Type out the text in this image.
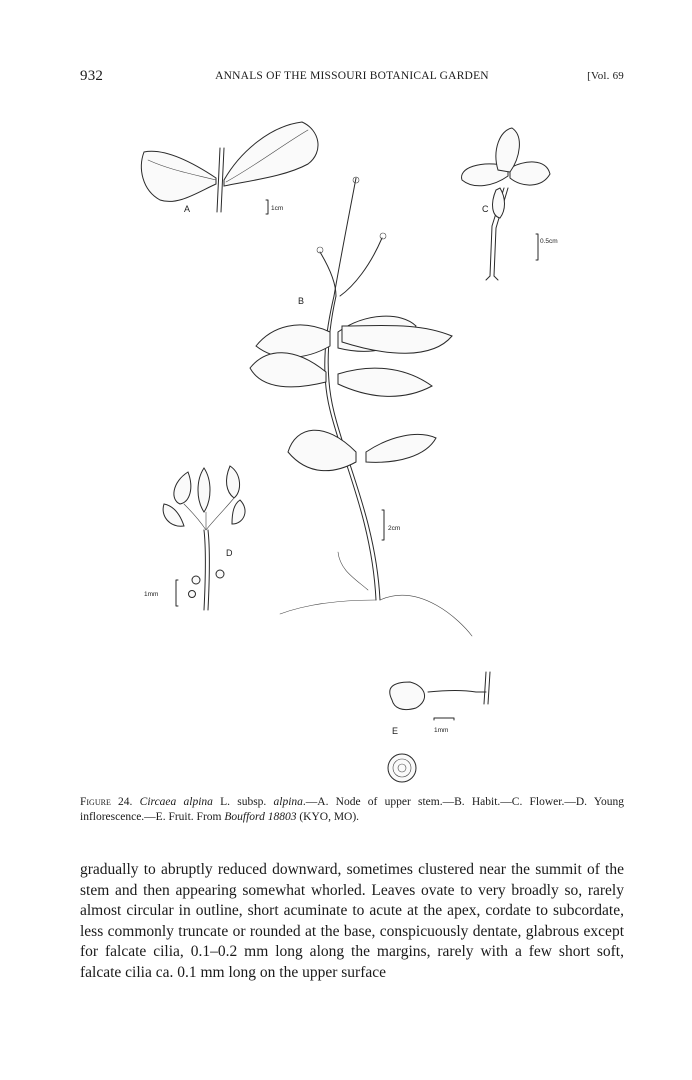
932	ANNALS OF THE MISSOURI BOTANICAL GARDEN	[Vol. 69
A	1cm	C
0.5cm
B
2cm
D
1mm
E	1mm
Figure 24. Circaea alpina L. subsp. alpina.—A. Node of upper stem.—B. Habit.—C. Flower.—D. Young inflorescence.—E. Fruit. From Boufford 18803 (KYO, MO).
gradually to abruptly reduced downward, sometimes clustered near the summit of the stem and then appearing somewhat whorled. Leaves ovate to very broadly so, rarely almost circular in outline, short acuminate to acute at the apex, cordate to subcordate, less commonly truncate or rounded at the base, conspicuously dentate, glabrous except for falcate cilia, 0.1–0.2 mm long along the margins, rarely with a few short soft, falcate cilia ca. 0.1 mm long on the upper surface
